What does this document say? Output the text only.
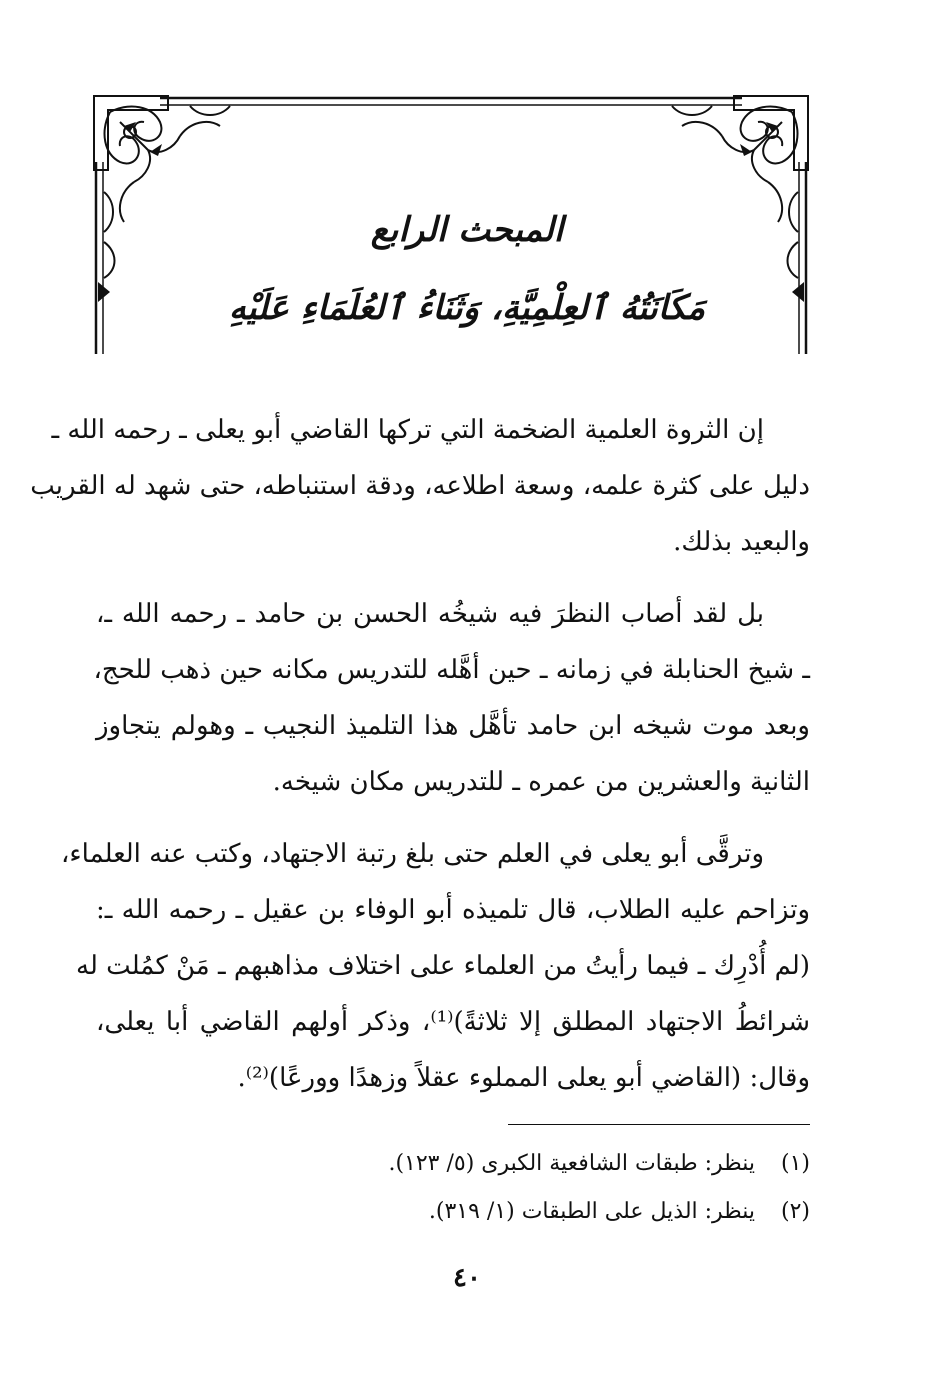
المبحث الرابع
مَكَانَتُهُ ٱلعِلْمِيَّةِ، وَثَنَاءُ ٱلعُلَمَاءِ عَلَيْهِ
إن الثروة العلمية الضخمة التي تركها القاضي أبو يعلى ـ رحمه الله ـ
دليل على كثرة علمه، وسعة اطلاعه، ودقة استنباطه، حتى شهد له القريب
والبعيد بذلك.
بل لقد أصاب النظرَ فيه شيخُه الحسن بن حامد ـ رحمه الله ـ،
ـ شيخ الحنابلة في زمانه ـ حين أهَّله للتدريس مكانه حين ذهب للحج،
وبعد موت شيخه ابن حامد تأهَّل هذا التلميذ النجيب ـ وهولم يتجاوز
الثانية والعشرين من عمره ـ للتدريس مكان شيخه.
وترقَّى أبو يعلى في العلم حتى بلغ رتبة الاجتهاد، وكتب عنه العلماء،
وتزاحم عليه الطلاب، قال تلميذه أبو الوفاء بن عقيل ـ رحمه الله ـ:
(لم أُدْرِك ـ فيما رأيتُ من العلماء على اختلاف مذاهبهم ـ مَنْ كمُلت له
شرائطُ الاجتهاد المطلق إلا ثلاثةً)⁽¹⁾، وذكر أولهم القاضي أبا يعلى،
وقال: (القاضي أبو يعلى المملوء عقلاً وزهدًا وورعًا)⁽²⁾.
(١) ينظر: طبقات الشافعية الكبرى (٥/ ١٢٣).
(٢) ينظر: الذيل على الطبقات (١/ ٣١٩).
٤٠
